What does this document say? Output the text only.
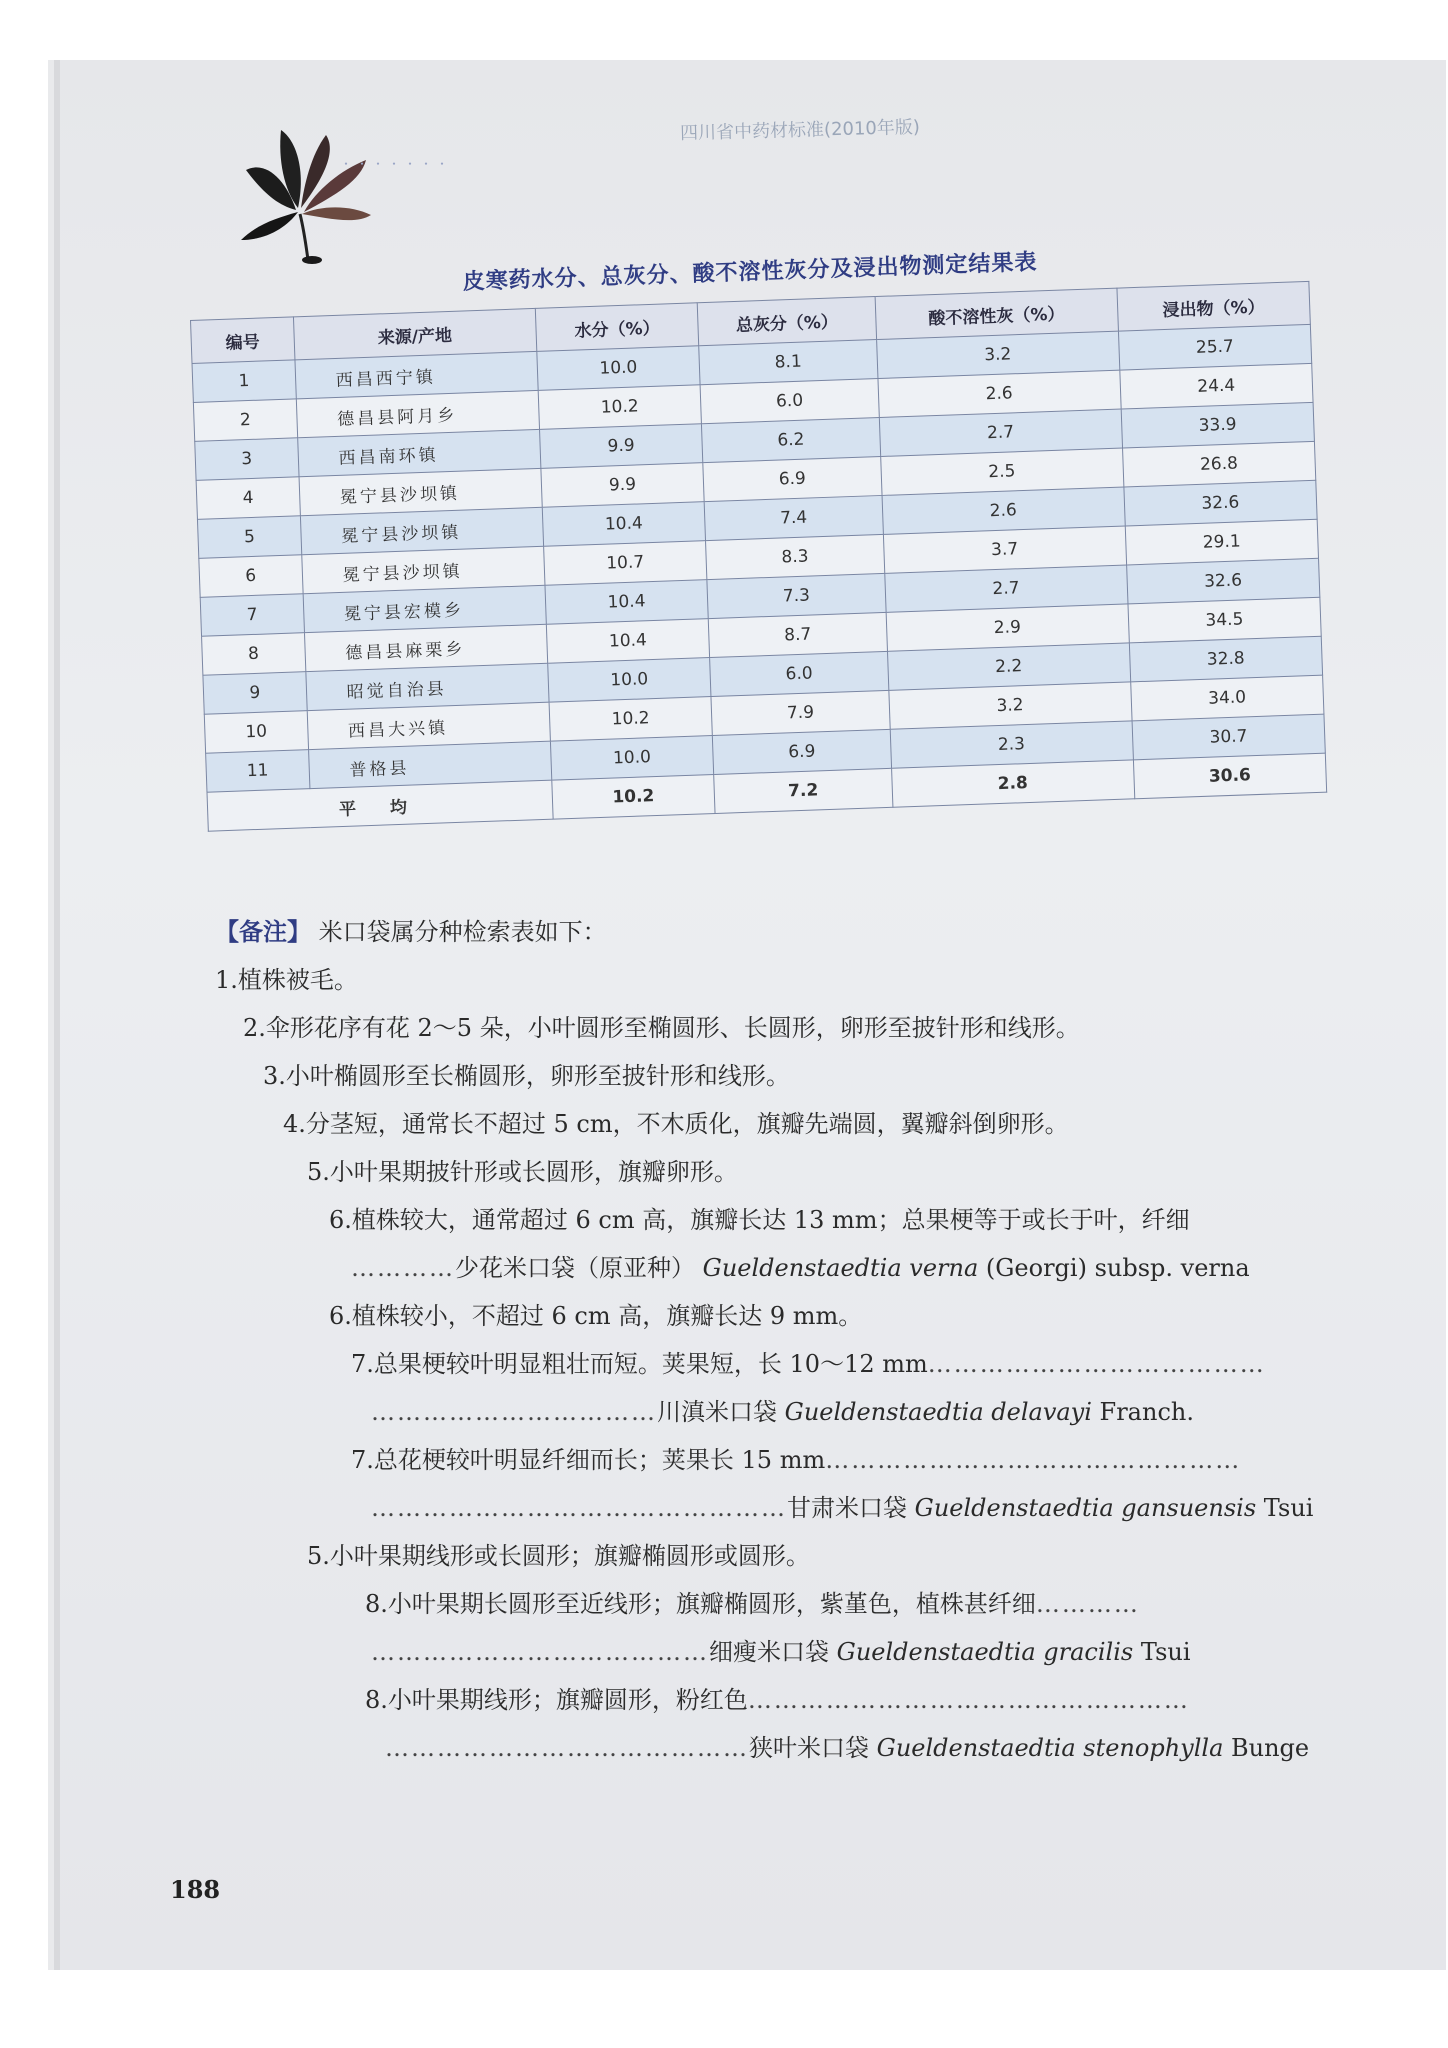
・・・・・・・
四川省中药材标准(2010年版)
皮寒药水分、总灰分、酸不溶性灰分及浸出物测定结果表
编号	来源/产地	水分（%）	总灰分（%）	酸不溶性灰（%）	浸出物（%）
1	西昌西宁镇	10.0	8.1	3.2	25.7
2	德昌县阿月乡	10.2	6.0	2.6	24.4
3	西昌南环镇	9.9	6.2	2.7	33.9
4	冕宁县沙坝镇	9.9	6.9	2.5	26.8
5	冕宁县沙坝镇	10.4	7.4	2.6	32.6
6	冕宁县沙坝镇	10.7	8.3	3.7	29.1
7	冕宁县宏模乡	10.4	7.3	2.7	32.6
8	德昌县麻栗乡	10.4	8.7	2.9	34.5
9	昭觉自治县	10.0	6.0	2.2	32.8
10	西昌大兴镇	10.2	7.9	3.2	34.0
11	普格县	10.0	6.9	2.3	30.7
平 均		10.2	7.2	2.8	30.6
【备注】 米口袋属分种检索表如下：
1.植株被毛。
2.伞形花序有花 2～5 朵，小叶圆形至椭圆形、长圆形，卵形至披针形和线形。
3.小叶椭圆形至长椭圆形，卵形至披针形和线形。
4.分茎短，通常长不超过 5 cm，不木质化，旗瓣先端圆，翼瓣斜倒卵形。
5.小叶果期披针形或长圆形，旗瓣卵形。
6.植株较大，通常超过 6 cm 高，旗瓣长达 13 mm；总果梗等于或长于叶，纤细
…………少花米口袋（原亚种） Gueldenstaedtia verna (Georgi) subsp. verna
6.植株较小，不超过 6 cm 高，旗瓣长达 9 mm。
7.总果梗较叶明显粗壮而短。荚果短，长 10～12 mm…………………………………
……………………………川滇米口袋 Gueldenstaedtia delavayi Franch.
7.总花梗较叶明显纤细而长；荚果长 15 mm…………………………………………
…………………………………………甘肃米口袋 Gueldenstaedtia gansuensis Tsui
5.小叶果期线形或长圆形；旗瓣椭圆形或圆形。
8.小叶果期长圆形至近线形；旗瓣椭圆形，紫堇色，植株甚纤细…………
…………………………………细瘦米口袋 Gueldenstaedtia gracilis Tsui
8.小叶果期线形；旗瓣圆形，粉红色……………………………………………
……………………………………狭叶米口袋 Gueldenstaedtia stenophylla Bunge
188
